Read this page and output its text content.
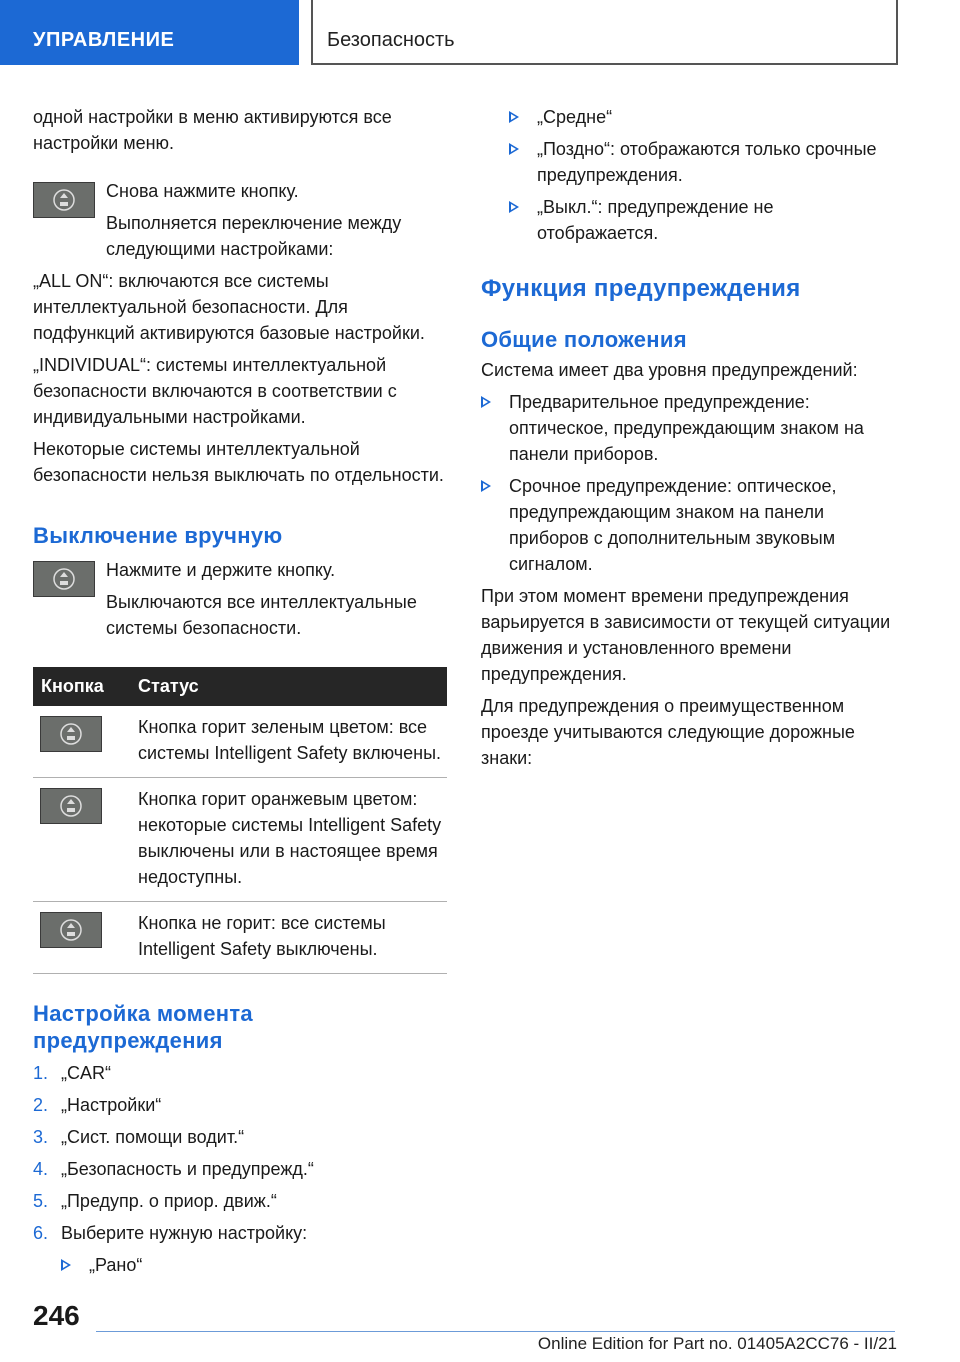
УПРАВЛЕНИЕ	Безопасность

одной настройки в меню активируются все настройки меню.

Снова нажмите кнопку.

Выполняется переключение между следующими настройками:

„ALL ON“: включаются все системы интеллектуальной безопасности. Для подфункций активируются базовые настройки.

„INDIVIDUAL“: системы интеллектуальной безопасности включаются в соответствии с индивидуальными настройками.

Некоторые системы интеллектуальной безопасности нельзя выключать по отдельности.

Выключение вручную

Нажмите и держите кнопку.

Выключаются все интеллектуальные системы безопасности.

Кнопка	Статус

	Кнопка горит зеленым цветом: все системы Intelligent Safety включены.

	Кнопка горит оранжевым цветом: некоторые системы Intelligent Safety выключены или в настоящее время недоступны.

	Кнопка не горит: все системы Intelligent Safety выключены.
Настройка момента предупреждения
1. „CAR“
2. „Настройки“
3. „Сист. помощи водит.“
4. „Безопасность и предупрежд.“
5. „Предупр. о приор. движ.“
6. Выберите нужную настройку:
„Рано“
„Средне“
„Поздно“: отображаются только срочные предупреждения.
„Выкл.“: предупреждение не отображается.
Функция предупреждения
Общие положения

Система имеет два уровня предупреждений:

Предварительное предупреждение: оптическое, предупреждающим знаком на панели приборов.
Срочное предупреждение: оптическое, предупреждающим знаком на панели приборов с дополнительным звуковым сигналом.

При этом момент времени предупреждения варьируется в зависимости от текущей ситуации движения и установленного времени предупреждения.

Для предупреждения о преимущественном проезде учитываются следующие дорожные знаки:

246
Online Edition for Part no. 01405A2CC76 - II/21
